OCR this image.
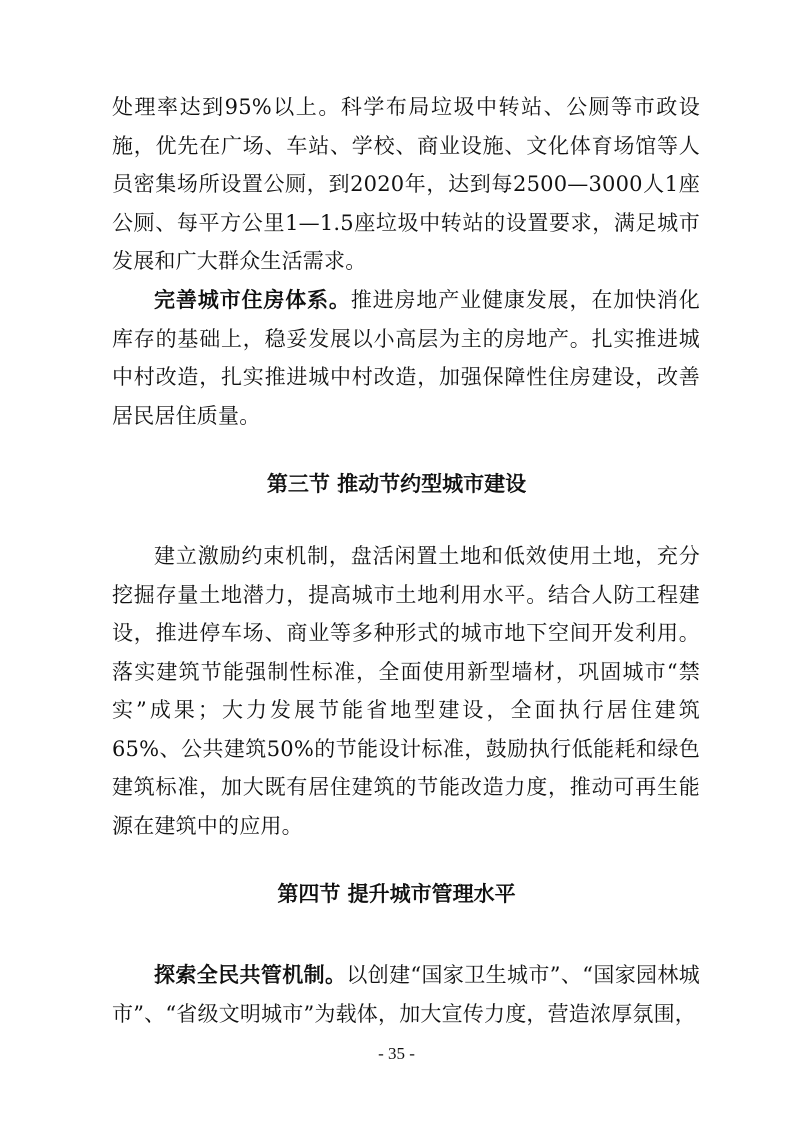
处理率达到95%以上。科学布局垃圾中转站、公厕等市政设施，优先在广场、车站、学校、商业设施、文化体育场馆等人员密集场所设置公厕，到2020年，达到每2500—3000人1座公厕、每平方公里1—1.5座垃圾中转站的设置要求，满足城市发展和广大群众生活需求。

完善城市住房体系。推进房地产业健康发展，在加快消化库存的基础上，稳妥发展以小高层为主的房地产。扎实推进城中村改造，扎实推进城中村改造，加强保障性住房建设，改善居民居住质量。

第三节 推动节约型城市建设

建立激励约束机制，盘活闲置土地和低效使用土地，充分挖掘存量土地潜力，提高城市土地利用水平。结合人防工程建设，推进停车场、商业等多种形式的城市地下空间开发利用。落实建筑节能强制性标准，全面使用新型墙材，巩固城市“禁实”成果；大力发展节能省地型建设，全面执行居住建筑65%、公共建筑50%的节能设计标准，鼓励执行低能耗和绿色建筑标准，加大既有居住建筑的节能改造力度，推动可再生能源在建筑中的应用。

第四节 提升城市管理水平

探索全民共管机制。以创建“国家卫生城市”、“国家园林城市”、“省级文明城市”为载体，加大宣传力度，营造浓厚氛围，

- 35 -
